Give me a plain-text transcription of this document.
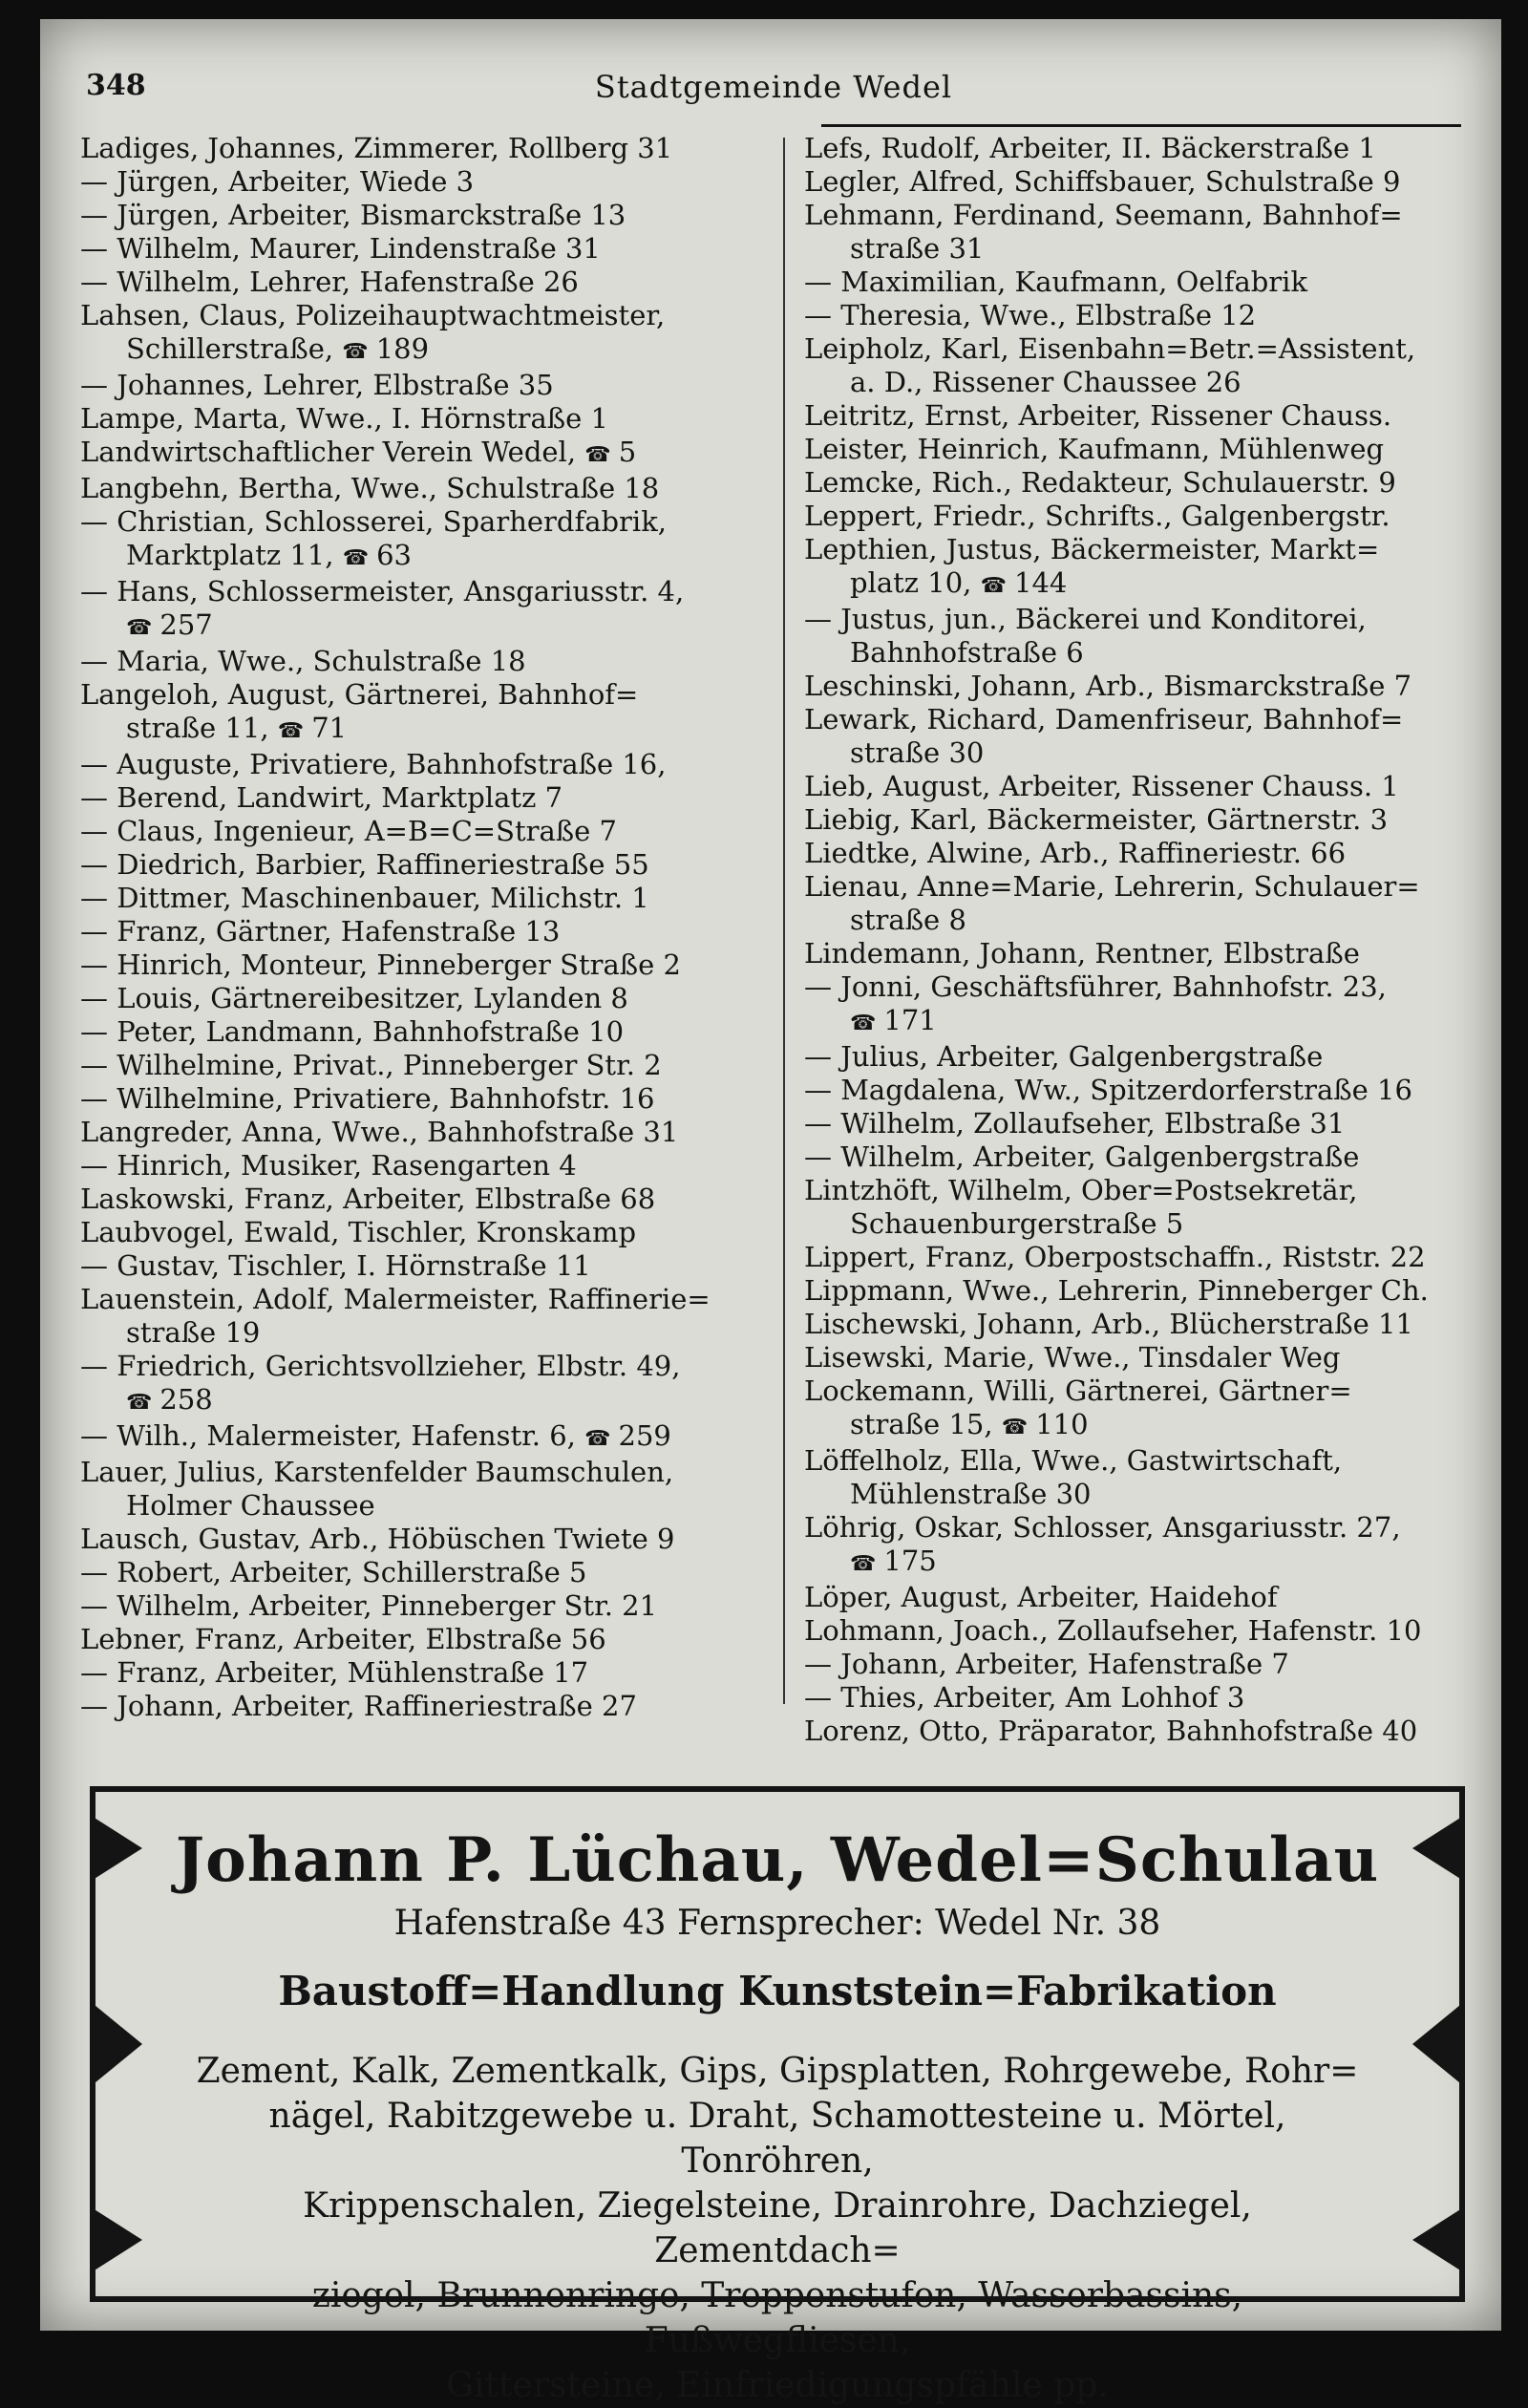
348	Stadtgemeinde Wedel
Ladiges, Johannes, Zimmerer, Rollberg 31
— Jürgen, Arbeiter, Wiede 3
— Jürgen, Arbeiter, Bismarckstraße 13
— Wilhelm, Maurer, Lindenstraße 31
— Wilhelm, Lehrer, Hafenstraße 26
Lahsen, Claus, Polizeihauptwachtmeister,
Schillerstraße, ☎ 189
— Johannes, Lehrer, Elbstraße 35
Lampe, Marta, Wwe., I. Hörnstraße 1
Landwirtschaftlicher Verein Wedel, ☎ 5
Langbehn, Bertha, Wwe., Schulstraße 18
— Christian, Schlosserei, Sparherdfabrik,
Marktplatz 11, ☎ 63
— Hans, Schlossermeister, Ansgariusstr. 4,
☎ 257
— Maria, Wwe., Schulstraße 18
Langeloh, August, Gärtnerei, Bahnhof=
straße 11, ☎ 71
— Auguste, Privatiere, Bahnhofstraße 16,
— Berend, Landwirt, Marktplatz 7
— Claus, Ingenieur, A=B=C=Straße 7
— Diedrich, Barbier, Raffineriestraße 55
— Dittmer, Maschinenbauer, Milichstr. 1
— Franz, Gärtner, Hafenstraße 13
— Hinrich, Monteur, Pinneberger Straße 2
— Louis, Gärtnereibesitzer, Lylanden 8
— Peter, Landmann, Bahnhofstraße 10
— Wilhelmine, Privat., Pinneberger Str. 2
— Wilhelmine, Privatiere, Bahnhofstr. 16
Langreder, Anna, Wwe., Bahnhofstraße 31
— Hinrich, Musiker, Rasengarten 4
Laskowski, Franz, Arbeiter, Elbstraße 68
Laubvogel, Ewald, Tischler, Kronskamp
— Gustav, Tischler, I. Hörnstraße 11
Lauenstein, Adolf, Malermeister, Raffinerie=
straße 19
— Friedrich, Gerichtsvollzieher, Elbstr. 49,
☎ 258
— Wilh., Malermeister, Hafenstr. 6, ☎ 259
Lauer, Julius, Karstenfelder Baumschulen,
Holmer Chaussee
Lausch, Gustav, Arb., Höbüschen Twiete 9
— Robert, Arbeiter, Schillerstraße 5
— Wilhelm, Arbeiter, Pinneberger Str. 21
Lebner, Franz, Arbeiter, Elbstraße 56
— Franz, Arbeiter, Mühlenstraße 17
— Johann, Arbeiter, Raffineriestraße 27
Lefs, Rudolf, Arbeiter, II. Bäckerstraße 1
Legler, Alfred, Schiffsbauer, Schulstraße 9
Lehmann, Ferdinand, Seemann, Bahnhof=
straße 31
— Maximilian, Kaufmann, Oelfabrik
— Theresia, Wwe., Elbstraße 12
Leipholz, Karl, Eisenbahn=Betr.=Assistent,
a. D., Rissener Chaussee 26
Leitritz, Ernst, Arbeiter, Rissener Chauss.
Leister, Heinrich, Kaufmann, Mühlenweg
Lemcke, Rich., Redakteur, Schulauerstr. 9
Leppert, Friedr., Schrifts., Galgenbergstr.
Lepthien, Justus, Bäckermeister, Markt=
platz 10, ☎ 144
— Justus, jun., Bäckerei und Konditorei,
Bahnhofstraße 6
Leschinski, Johann, Arb., Bismarckstraße 7
Lewark, Richard, Damenfriseur, Bahnhof=
straße 30
Lieb, August, Arbeiter, Rissener Chauss. 1
Liebig, Karl, Bäckermeister, Gärtnerstr. 3
Liedtke, Alwine, Arb., Raffineriestr. 66
Lienau, Anne=Marie, Lehrerin, Schulauer=
straße 8
Lindemann, Johann, Rentner, Elbstraße
— Jonni, Geschäftsführer, Bahnhofstr. 23,
☎ 171
— Julius, Arbeiter, Galgenbergstraße
— Magdalena, Ww., Spitzerdorferstraße 16
— Wilhelm, Zollaufseher, Elbstraße 31
— Wilhelm, Arbeiter, Galgenbergstraße
Lintzhöft, Wilhelm, Ober=Postsekretär,
Schauenburgerstraße 5
Lippert, Franz, Oberpostschaffn., Riststr. 22
Lippmann, Wwe., Lehrerin, Pinneberger Ch.
Lischewski, Johann, Arb., Blücherstraße 11
Lisewski, Marie, Wwe., Tinsdaler Weg
Lockemann, Willi, Gärtnerei, Gärtner=
straße 15, ☎ 110
Löffelholz, Ella, Wwe., Gastwirtschaft,
Mühlenstraße 30
Löhrig, Oskar, Schlosser, Ansgariusstr. 27,
☎ 175
Löper, August, Arbeiter, Haidehof
Lohmann, Joach., Zollaufseher, Hafenstr. 10
— Johann, Arbeiter, Hafenstraße 7
— Thies, Arbeiter, Am Lohhof 3
Lorenz, Otto, Präparator, Bahnhofstraße 40
Johann P. Lüchau, Wedel=Schulau
Hafenstraße 43 Fernsprecher: Wedel Nr. 38
Baustoff=Handlung Kunststein=Fabrikation
Zement, Kalk, Zementkalk, Gips, Gipsplatten, Rohrgewebe, Rohr=
nägel, Rabitzgewebe u. Draht, Schamottesteine u. Mörtel, Tonröhren,
Krippenschalen, Ziegelsteine, Drainrohre, Dachziegel, Zementdach=
ziegel, Brunnenringe, Treppenstufen, Wasserbassins, Fußwegfliesen,
Gittersteine, Einfriedigungspfähle pp.
